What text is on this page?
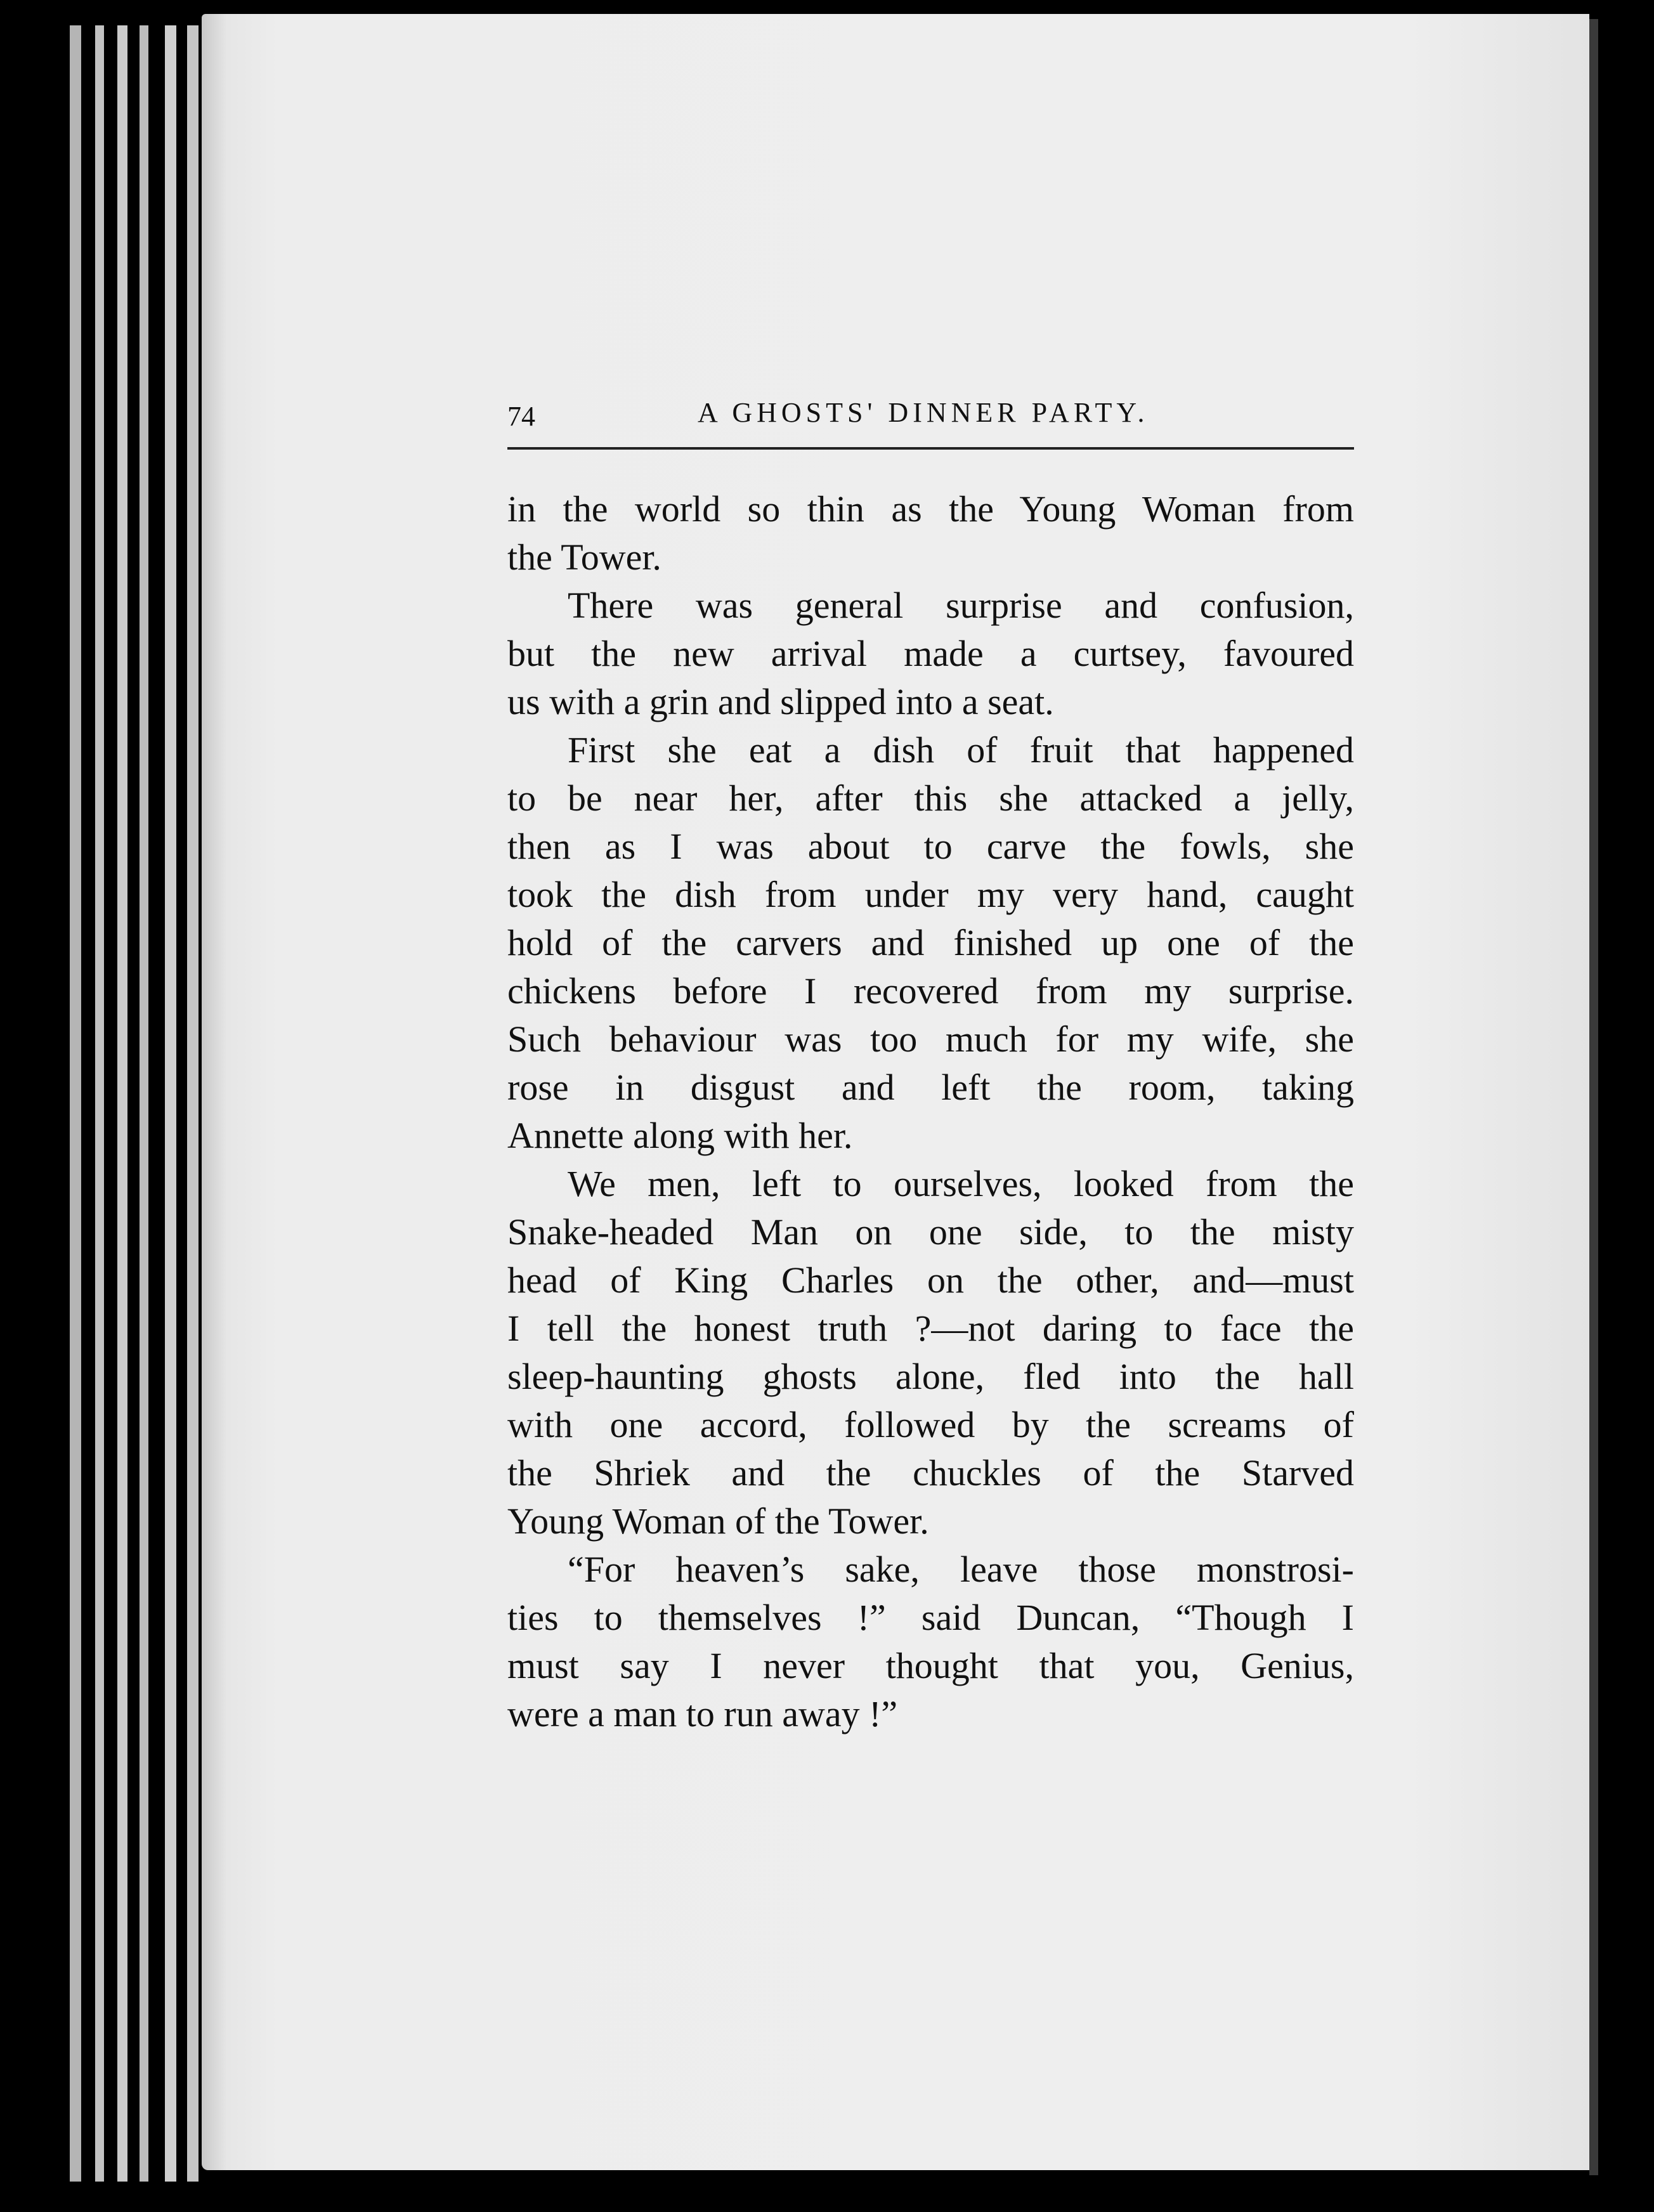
74	A GHOSTS' DINNER PARTY.
in the world so thin as the Young Woman from
the Tower.
There was general surprise and confusion,
but the new arrival made a curtsey, favoured
us with a grin and slipped into a seat.
First she eat a dish of fruit that happened
to be near her, after this she attacked a jelly,
then as I was about to carve the fowls, she
took the dish from under my very hand, caught
hold of the carvers and finished up one of the
chickens before I recovered from my surprise.
Such behaviour was too much for my wife, she
rose in disgust and left the room, taking
Annette along with her.
We men, left to ourselves, looked from the
Snake-headed Man on one side, to the misty
head of King Charles on the other, and—must
I tell the honest truth ?—not daring to face the
sleep-haunting ghosts alone, fled into the hall
with one accord, followed by the screams of
the Shriek and the chuckles of the Starved
Young Woman of the Tower.
“For heaven’s sake, leave those monstrosi-
ties to themselves !” said Duncan, “Though I
must say I never thought that you, Genius,
were a man to run away !”
